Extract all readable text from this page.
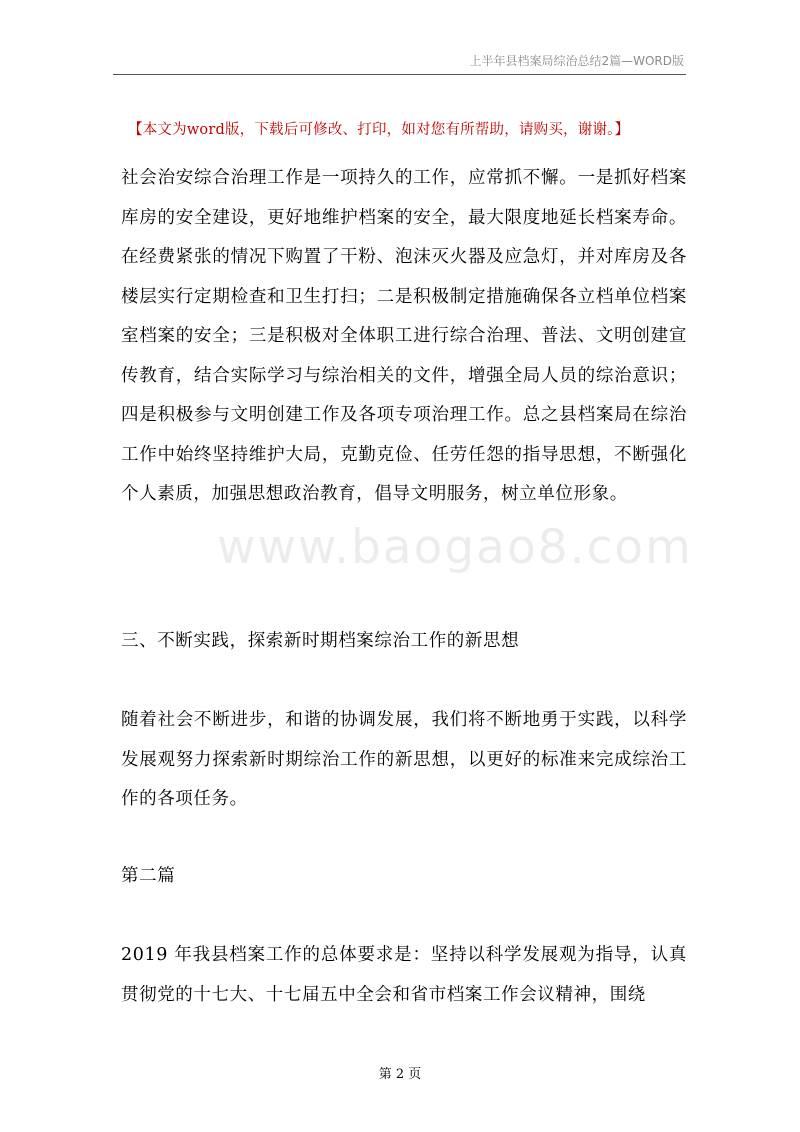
上半年县档案局综治总结2篇—WORD版
【本文为word版，下载后可修改、打印，如对您有所帮助，请购买，谢谢。】
社会治安综合治理工作是一项持久的工作，应常抓不懈。一是抓好档案库房的安全建设，更好地维护档案的安全，最大限度地延长档案寿命。在经费紧张的情况下购置了干粉、泡沫灭火器及应急灯，并对库房及各楼层实行定期检查和卫生打扫；二是积极制定措施确保各立档单位档案室档案的安全；三是积极对全体职工进行综合治理、普法、文明创建宣传教育，结合实际学习与综治相关的文件，增强全局人员的综治意识；四是积极参与文明创建工作及各项专项治理工作。总之县档案局在综治工作中始终坚持维护大局，克勤克俭、任劳任怨的指导思想，不断强化个人素质，加强思想政治教育，倡导文明服务，树立单位形象。
www.baogao8.com
三、不断实践，探索新时期档案综治工作的新思想
随着社会不断进步，和谐的协调发展，我们将不断地勇于实践，以科学发展观努力探索新时期综治工作的新思想，以更好的标准来完成综治工作的各项任务。
第二篇
2019 年我县档案工作的总体要求是：坚持以科学发展观为指导，认真贯彻党的十七大、十七届五中全会和省市档案工作会议精神，围绕
第 2 页
